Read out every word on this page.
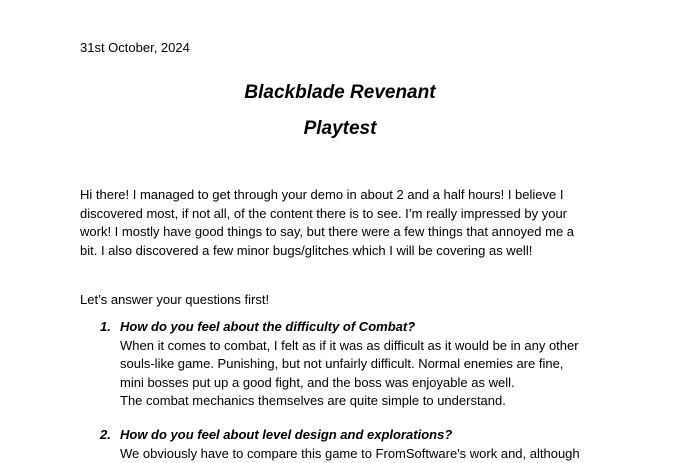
31st October, 2024
Blackblade Revenant
Playtest
Hi there! I managed to get through your demo in about 2 and a half hours! I believe I
discovered most, if not all, of the content there is to see. I’m really impressed by your
work! I mostly have good things to say, but there were a few things that annoyed me a
bit. I also discovered a few minor bugs/glitches which I will be covering as well!
Let’s answer your questions first!
1. How do you feel about the difficulty of Combat?
When it comes to combat, I felt as if it was as difficult as it would be in any other
souls-like game. Punishing, but not unfairly difficult. Normal enemies are fine,
mini bosses put up a good fight, and the boss was enjoyable as well.
The combat mechanics themselves are quite simple to understand.
2. How do you feel about level design and explorations?
We obviously have to compare this game to FromSoftware's work and, although
